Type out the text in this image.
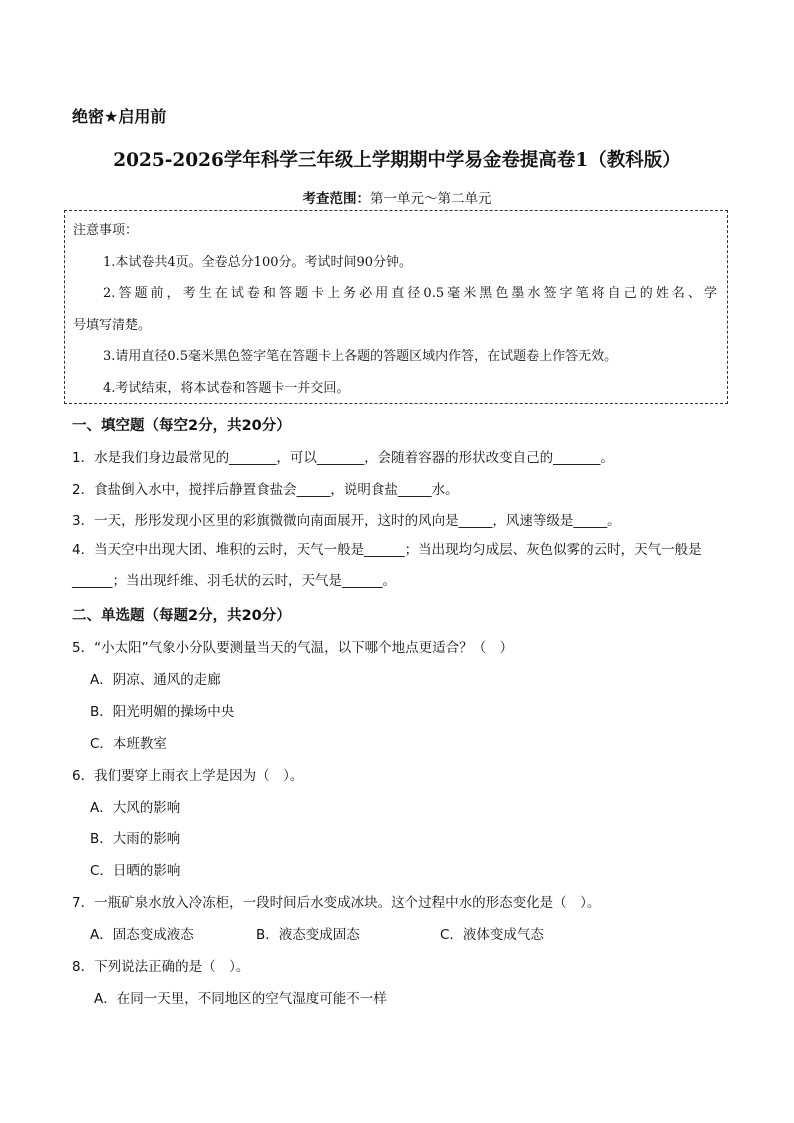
绝密★启用前
2025-2026学年科学三年级上学期期中学易金卷提高卷1（教科版）
考查范围：第一单元～第二单元

注意事项：

1.本试卷共4页。全卷总分100分。考试时间90分钟。

2.答题前，考生在试卷和答题卡上务必用直径0.5毫米黑色墨水签字笔将自己的姓名、学

号填写清楚。

3.请用直径0.5毫米黑色签字笔在答题卡上各题的答题区域内作答，在试题卷上作答无效。

4.考试结束，将本试卷和答题卡一并交回。

一、填空题（每空2分，共20分）
1．水是我们身边最常见的_______，可以_______，会随着容器的形状改变自己的_______。
2．食盐倒入水中，搅拌后静置食盐会_____，说明食盐_____水。
3．一天，彤彤发现小区里的彩旗微微向南面展开，这时的风向是_____，风速等级是_____。
4．当天空中出现大团、堆积的云时，天气一般是______；当出现均匀成层、灰色似雾的云时，天气一般是______；当出现纤维、羽毛状的云时，天气是______。
二、单选题（每题2分，共20分）
5．“小太阳”气象小分队要测量当天的气温，以下哪个地点更适合？（　）
A．阴凉、通风的走廊
B．阳光明媚的操场中央
C．本班教室
6．我们要穿上雨衣上学是因为（　）。
A．大风的影响
B．大雨的影响
C．日晒的影响
7．一瓶矿泉水放入冷冻柜，一段时间后水变成冰块。这个过程中水的形态变化是（　）。
A．固态变成液态	B．液态变成固态	C．液体变成气态
8．下列说法正确的是（　）。
A．在同一天里，不同地区的空气湿度可能不一样
